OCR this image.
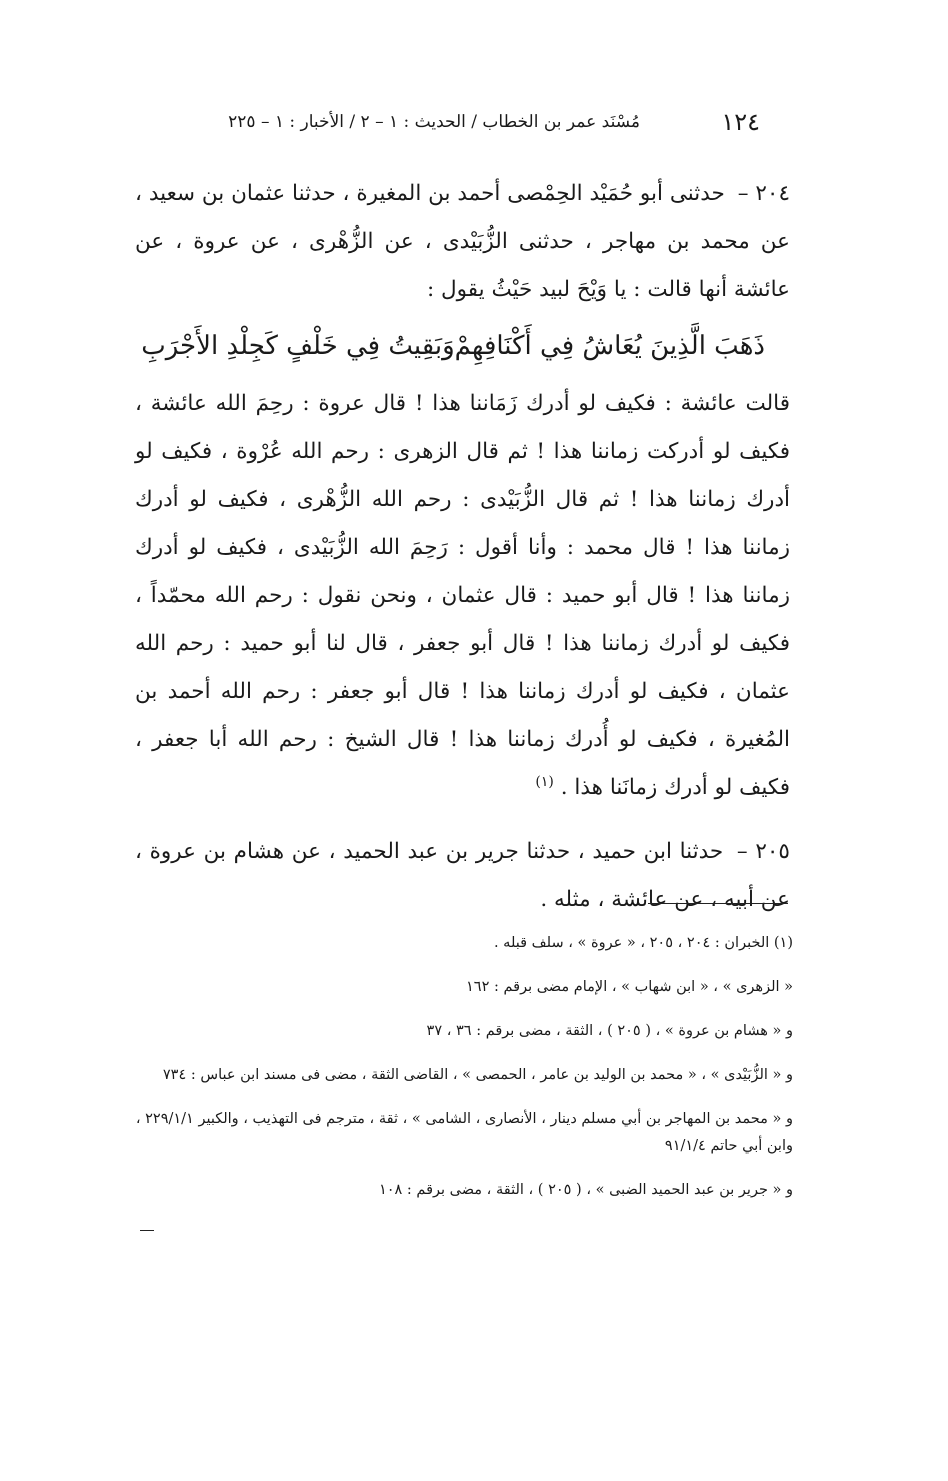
١٢٤
مُسْنَد عمر بن الخطاب / الحديث : ١ – ٢ / الأخبار : ١ – ٢٢٥

٢٠٤ – حدثنى أبو حُمَيْد الحِمْصى أحمد بن المغيرة ، حدثنا عثمان بن سعيد ، عن محمد بن مهاجر ، حدثنى الزُّبَيْدى ، عن الزُّهْرى ، عن عروة ، عن عائشة أنها قالت : يا وَيْحَ لبيد حَيْثُ يقول :

ذَهَبَ الَّذِينَ يُعَاشُ فِي أَكْنَافِهِمْ
وَبَقِيتُ فِي خَلْفٍ كَجِلْدِ الأَجْرَبِ

قالت عائشة : فكيف لو أدرك زَمَاننا هذا ! قال عروة : رحِمَ الله عائشة ، فكيف لو أدركت زماننا هذا ! ثم قال الزهرى : رحم الله عُرْوة ، فكيف لو أدرك زماننا هذا ! ثم قال الزُّبَيْدى : رحم الله الزُّهْرى ، فكيف لو أدرك زماننا هذا ! قال محمد : وأنا أقول : رَحِمَ الله الزُّبَيْدى ، فكيف لو أدرك زماننا هذا ! قال أبو حميد : قال عثمان ، ونحن نقول : رحم الله محمّداً ، فكيف لو أدرك زماننا هذا ! قال أبو جعفر ، قال لنا أبو حميد : رحم الله عثمان ، فكيف لو أدرك زماننا هذا ! قال أبو جعفر : رحم الله أحمد بن المُغيرة ، فكيف لو أُدرك زماننا هذا ! قال الشيخ : رحم الله أبا جعفر ، فكيف لو أدرك زمانَنا هذا . $^{(١)}$

٢٠٥ – حدثنا ابن حميد ، حدثنا جرير بن عبد الحميد ، عن هشام بن عروة ، عن أبيه ، عن عائشة ، مثله .

(١) الخبران : ٢٠٤ ، ٢٠٥ ، « عروة » ، سلف قبله .

« الزهرى » ، « ابن شهاب » ، الإمام مضى برقم : ١٦٢

و « هشام بن عروة » ، ( ٢٠٥ ) ، الثقة ، مضى برقم : ٣٦ ، ٣٧

و « الزُّبَيْدى » ، « محمد بن الوليد بن عامر ، الحمصى » ، القاضى الثقة ، مضى فى مسند ابن عباس : ٧٣٤

و « محمد بن المهاجر بن أبي مسلم دينار ، الأنصارى ، الشامى » ، ثقة ، مترجم فى التهذيب ، والكبير ٢٢٩/١/١ ، وابن أبي حاتم ٩١/١/٤

و « جرير بن عبد الحميد الضبى » ، ( ٢٠٥ ) ، الثقة ، مضى برقم : ١٠٨
